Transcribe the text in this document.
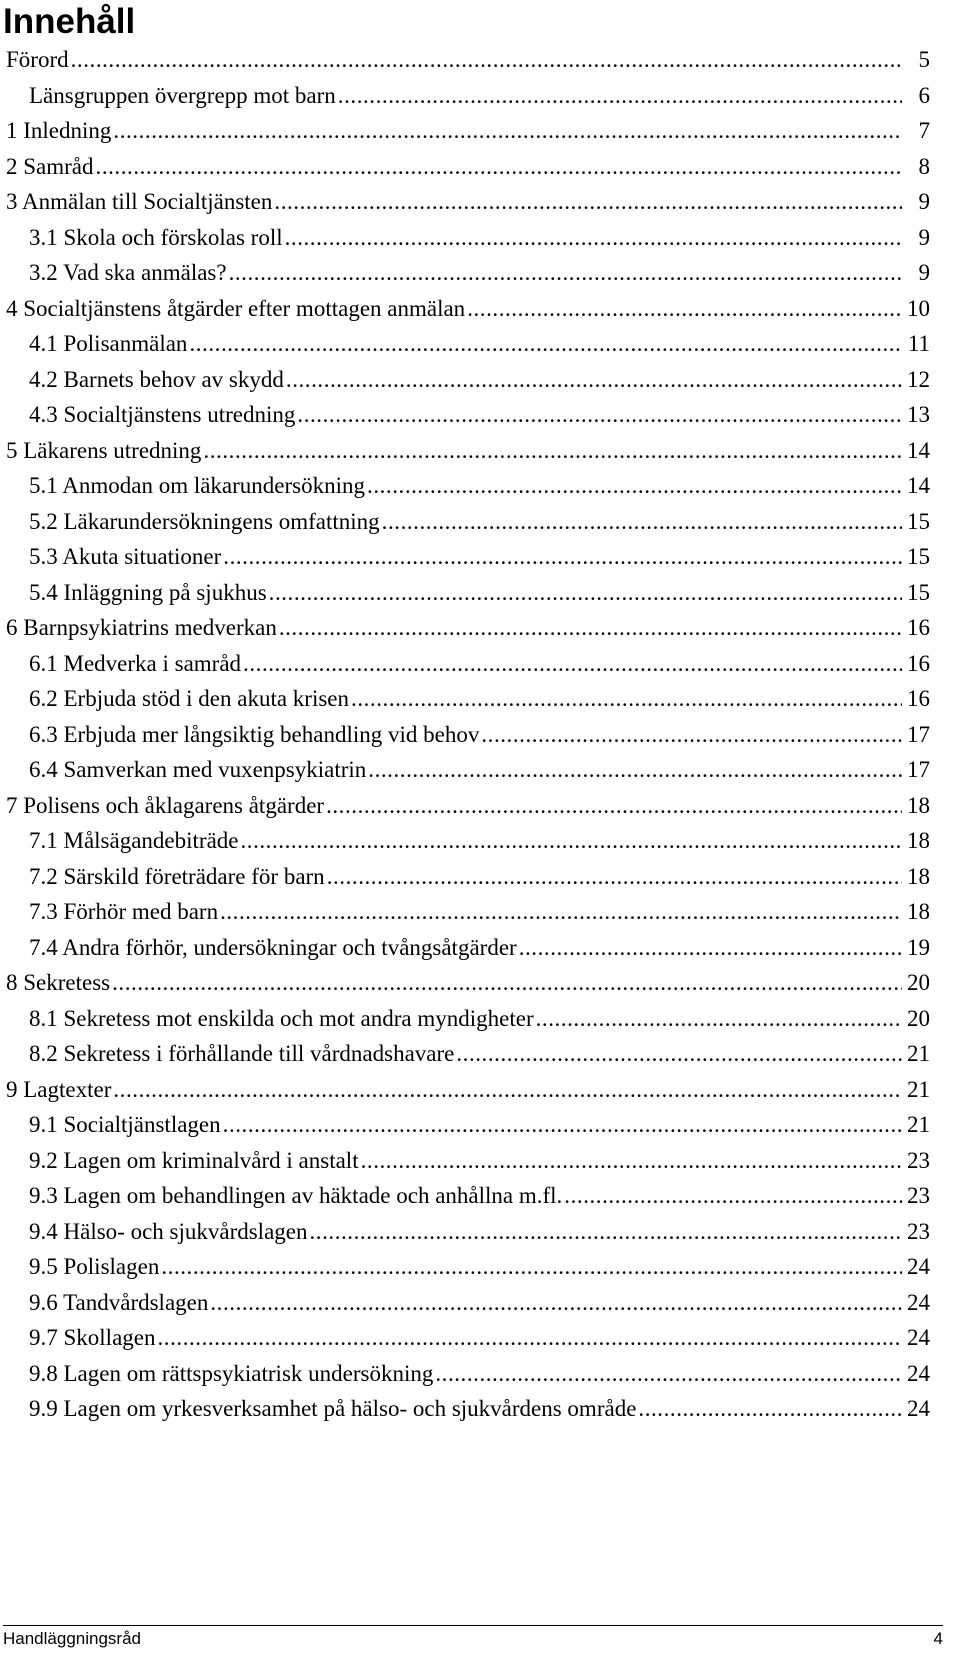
Innehåll
Förord . . .	5
Länsgruppen övergrepp mot barn . . .	6
1 Inledning . . .	7
2 Samråd . . .	8
3 Anmälan till Socialtjänsten . . .	9
3.1 Skola och förskolas roll . . .	9
3.2 Vad ska anmälas? . . .	9
4 Socialtjänstens åtgärder efter mottagen anmälan . . .	10
4.1 Polisanmälan . . .	11
4.2 Barnets behov av skydd . . .	12
4.3 Socialtjänstens utredning . . .	13
5 Läkarens utredning . . .	14
5.1 Anmodan om läkarundersökning . . .	14
5.2 Läkarundersökningens omfattning . . .	15
5.3 Akuta situationer . . .	15
5.4 Inläggning på sjukhus . . .	15
6 Barnpsykiatrins medverkan . . .	16
6.1 Medverka i samråd . . .	16
6.2 Erbjuda stöd i den akuta krisen . . .	16
6.3 Erbjuda mer långsiktig behandling vid behov . . .	17
6.4 Samverkan med vuxenpsykiatrin . . .	17
7 Polisens och åklagarens åtgärder . . .	18
7.1 Målsägandebiträde . . .	18
7.2 Särskild företrädare för barn . . .	18
7.3 Förhör med barn . . .	18
7.4 Andra förhör, undersökningar och tvångsåtgärder . . .	19
8 Sekretess . . .	20
8.1 Sekretess mot enskilda och mot andra myndigheter . . .	20
8.2 Sekretess i förhållande till vårdnadshavare . . .	21
9 Lagtexter . . .	21
9.1 Socialtjänstlagen . . .	21
9.2 Lagen om kriminalvård i anstalt . . .	23
9.3 Lagen om behandlingen av häktade och anhållna m.fl. . . .	23
9.4 Hälso- och sjukvårdslagen . . .	23
9.5 Polislagen . . .	24
9.6 Tandvårdslagen . . .	24
9.7 Skollagen . . .	24
9.8 Lagen om rättspsykiatrisk undersökning . . .	24
9.9 Lagen om yrkesverksamhet på hälso- och sjukvårdens område . . .	24
Handläggningsråd	4
